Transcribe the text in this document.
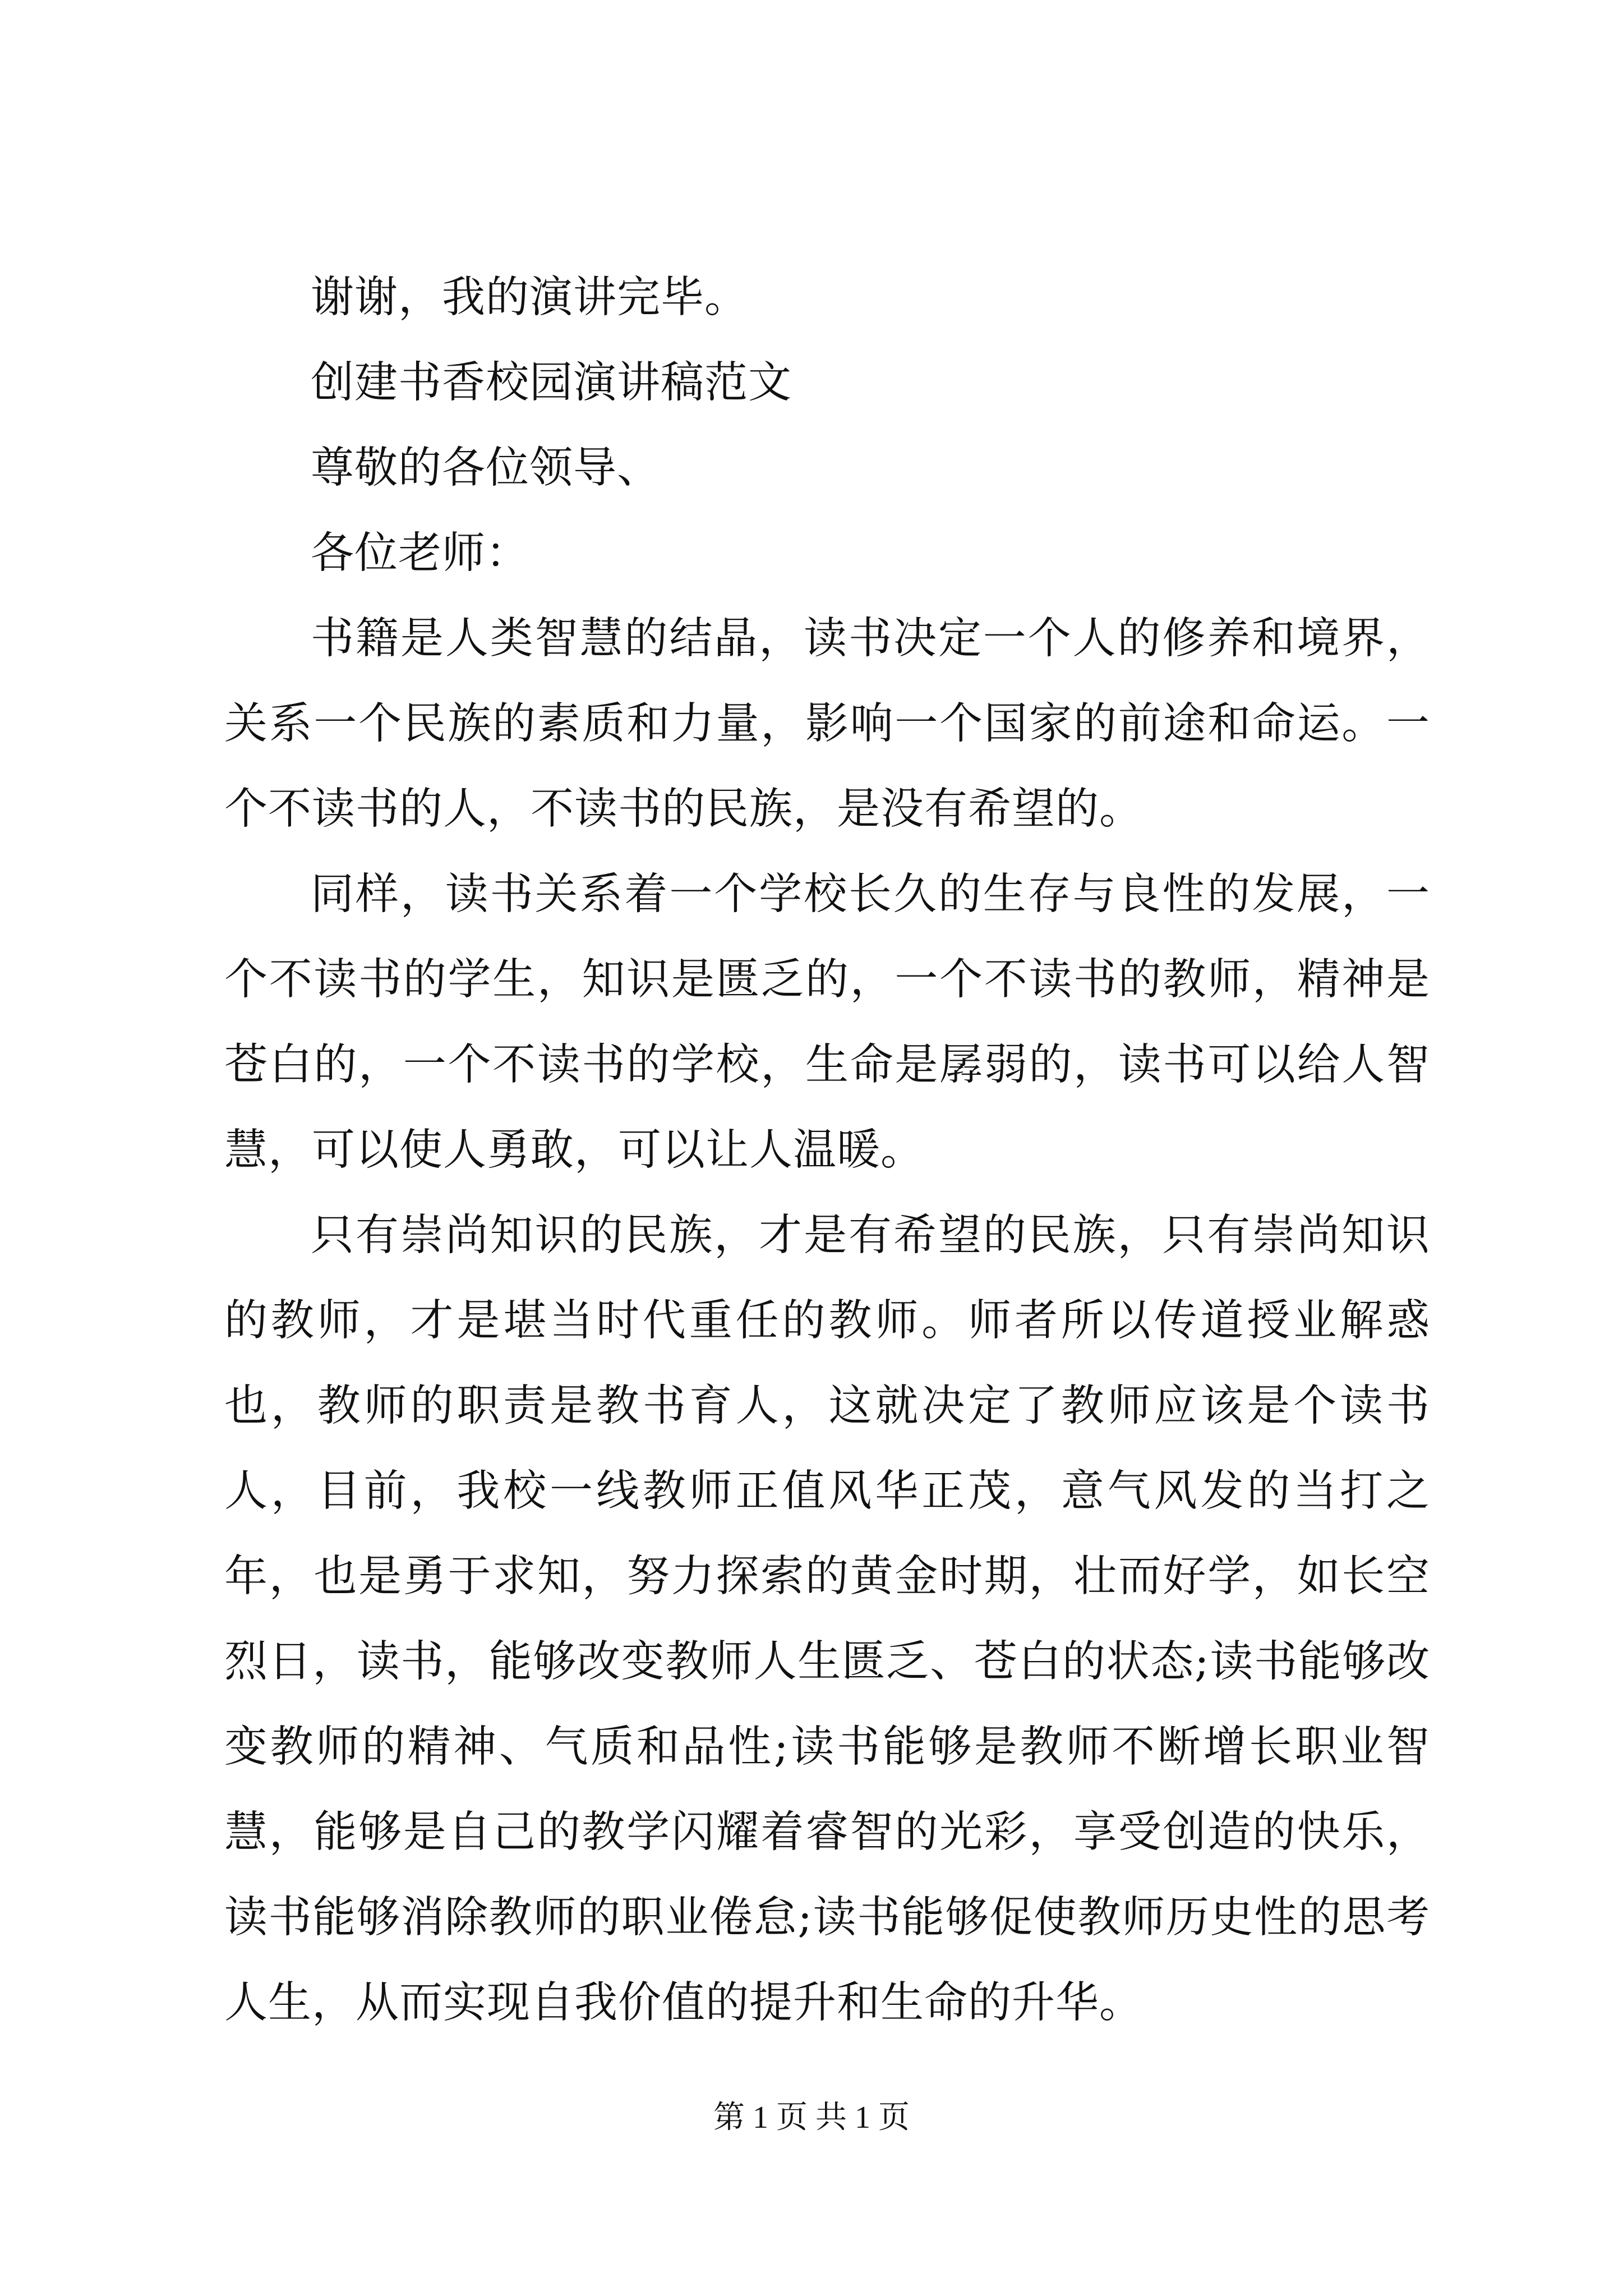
谢谢，我的演讲完毕。

创建书香校园演讲稿范文

尊敬的各位领导、

各位老师：

书籍是人类智慧的结晶，读书决定一个人的修养和境界，关系一个民族的素质和力量，影响一个国家的前途和命运。一个不读书的人，不读书的民族，是没有希望的。

同样，读书关系着一个学校长久的生存与良性的发展，一个不读书的学生，知识是匮乏的，一个不读书的教师，精神是苍白的，一个不读书的学校，生命是孱弱的，读书可以给人智慧，可以使人勇敢，可以让人温暖。

只有崇尚知识的民族，才是有希望的民族，只有崇尚知识的教师，才是堪当时代重任的教师。师者所以传道授业解惑也，教师的职责是教书育人，这就决定了教师应该是个读书人，目前，我校一线教师正值风华正茂，意气风发的当打之年，也是勇于求知，努力探索的黄金时期，壮而好学，如长空烈日，读书，能够改变教师人生匮乏、苍白的状态;读书能够改变教师的精神、气质和品性;读书能够是教师不断增长职业智慧，能够是自己的教学闪耀着睿智的光彩，享受创造的快乐，读书能够消除教师的职业倦怠;读书能够促使教师历史性的思考人生，从而实现自我价值的提升和生命的升华。

第 1 页 共 1 页
